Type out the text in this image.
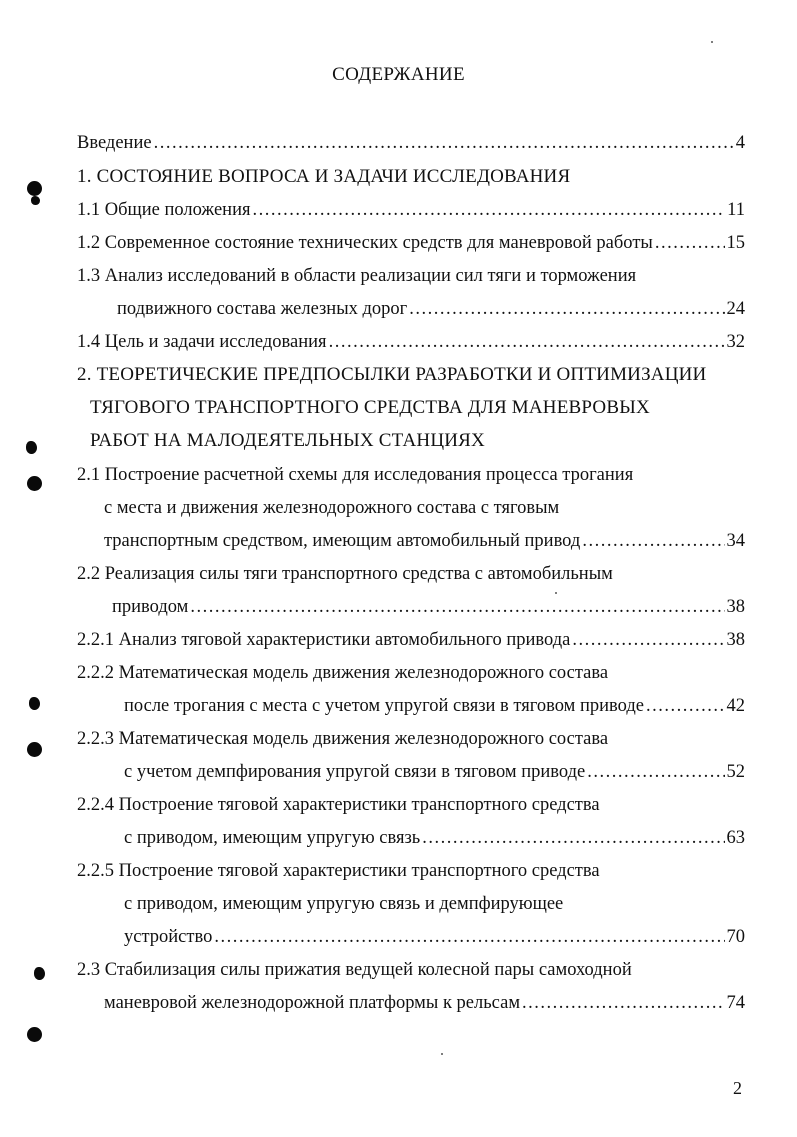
СОДЕРЖАНИЕ
Введение .....	4
1. СОСТОЯНИЕ ВОПРОСА И ЗАДАЧИ ИССЛЕДОВАНИЯ
1.1 Общие положения .....	11
1.2 Современное состояние технических средств для маневровой работы .....	15
1.3 Анализ исследований в области реализации сил тяги и торможения
подвижного состава железных дорог .....	24
1.4 Цель и задачи исследования .....	32
2. ТЕОРЕТИЧЕСКИЕ ПРЕДПОСЫЛКИ РАЗРАБОТКИ И ОПТИМИЗАЦИИ
ТЯГОВОГО ТРАНСПОРТНОГО СРЕДСТВА ДЛЯ МАНЕВРОВЫХ
РАБОТ НА МАЛОДЕЯТЕЛЬНЫХ СТАНЦИЯХ
2.1 Построение расчетной схемы для исследования процесса трогания
с места и движения железнодорожного состава с тяговым
транспортным средством, имеющим автомобильный привод .....	34
2.2 Реализация силы тяги транспортного средства с автомобильным
приводом .....	38
2.2.1 Анализ тяговой характеристики автомобильного привода .....	38
2.2.2 Математическая модель движения железнодорожного состава
после трогания с места с учетом упругой связи в тяговом приводе .....	42
2.2.3 Математическая модель движения железнодорожного состава
с учетом демпфирования упругой связи в тяговом приводе .....	52
2.2.4 Построение тяговой характеристики транспортного средства
с приводом, имеющим упругую связь .....	63
2.2.5 Построение тяговой характеристики транспортного средства
с приводом, имеющим упругую связь и демпфирующее
устройство .....	70
2.3 Стабилизация силы прижатия ведущей колесной пары самоходной
маневровой железнодорожной платформы к рельсам .....	74
2
